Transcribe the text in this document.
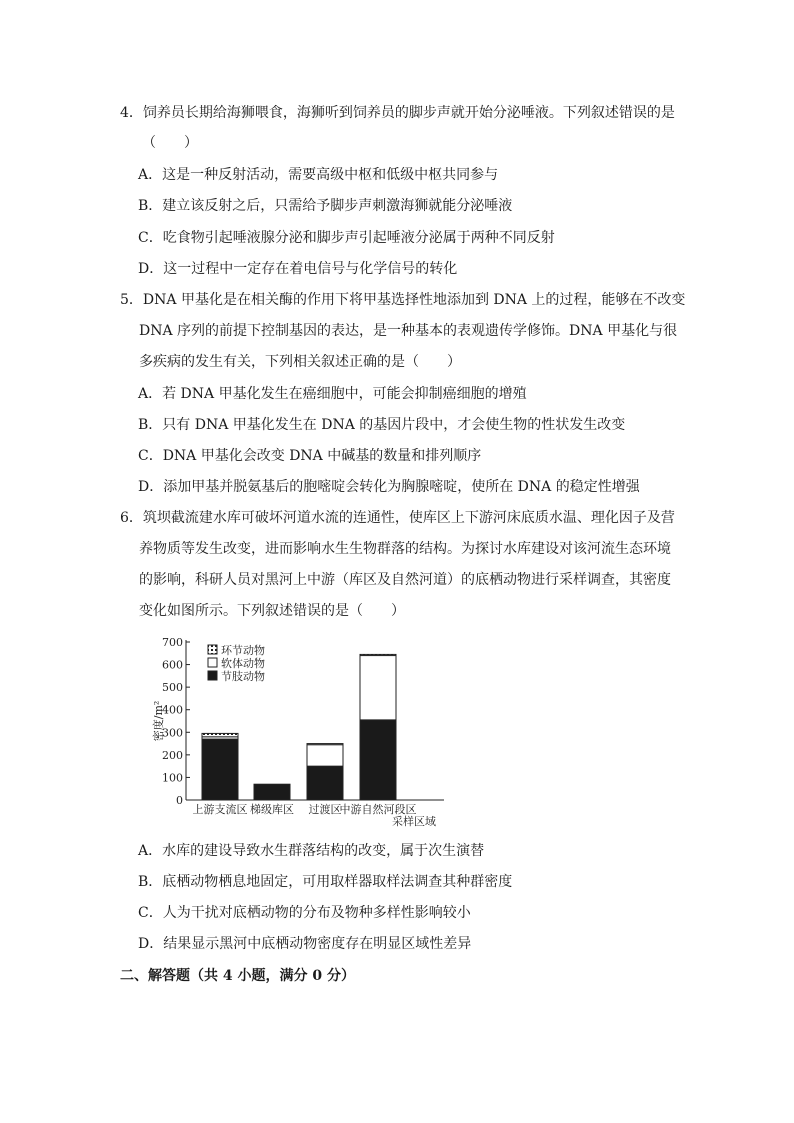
4．饲养员长期给海狮喂食，海狮听到饲养员的脚步声就开始分泌唾液。下列叙述错误的是
（　　）
A．这是一种反射活动，需要高级中枢和低级中枢共同参与
B．建立该反射之后，只需给予脚步声刺激海狮就能分泌唾液
C．吃食物引起唾液腺分泌和脚步声引起唾液分泌属于两种不同反射
D．这一过程中一定存在着电信号与化学信号的转化
5．DNA 甲基化是在相关酶的作用下将甲基选择性地添加到 DNA 上的过程，能够在不改变
DNA 序列的前提下控制基因的表达，是一种基本的表观遗传学修饰。DNA 甲基化与很
多疾病的发生有关，下列相关叙述正确的是（　　）
A．若 DNA 甲基化发生在癌细胞中，可能会抑制癌细胞的增殖
B．只有 DNA 甲基化发生在 DNA 的基因片段中，才会使生物的性状发生改变
C．DNA 甲基化会改变 DNA 中碱基的数量和排列顺序
D．添加甲基并脱氨基后的胞嘧啶会转化为胸腺嘧啶，使所在 DNA 的稳定性增强
6．筑坝截流建水库可破坏河道水流的连通性，使库区上下游河床底质水温、理化因子及营
养物质等发生改变，进而影响水生生物群落的结构。为探讨水库建设对该河流生态环境
的影响，科研人员对黑河上中游（库区及自然河道）的底栖动物进行采样调查，其密度
变化如图所示。下列叙述错误的是（　　）
A．水库的建设导致水生群落结构的改变，属于次生演替
B．底栖动物栖息地固定，可用取样器取样法调查其种群密度
C．人为干扰对底栖动物的分布及物种多样性影响较小
D．结果显示黑河中底栖动物密度存在明显区域性差异
0
100
200
300
400
500
600
700
密度/m²
上游支流区 梯级库区 过渡区
中游自然河段区
采样区域
环节动物
软体动物
节肢动物
二、解答题（共 4 小题，满分 0 分）
